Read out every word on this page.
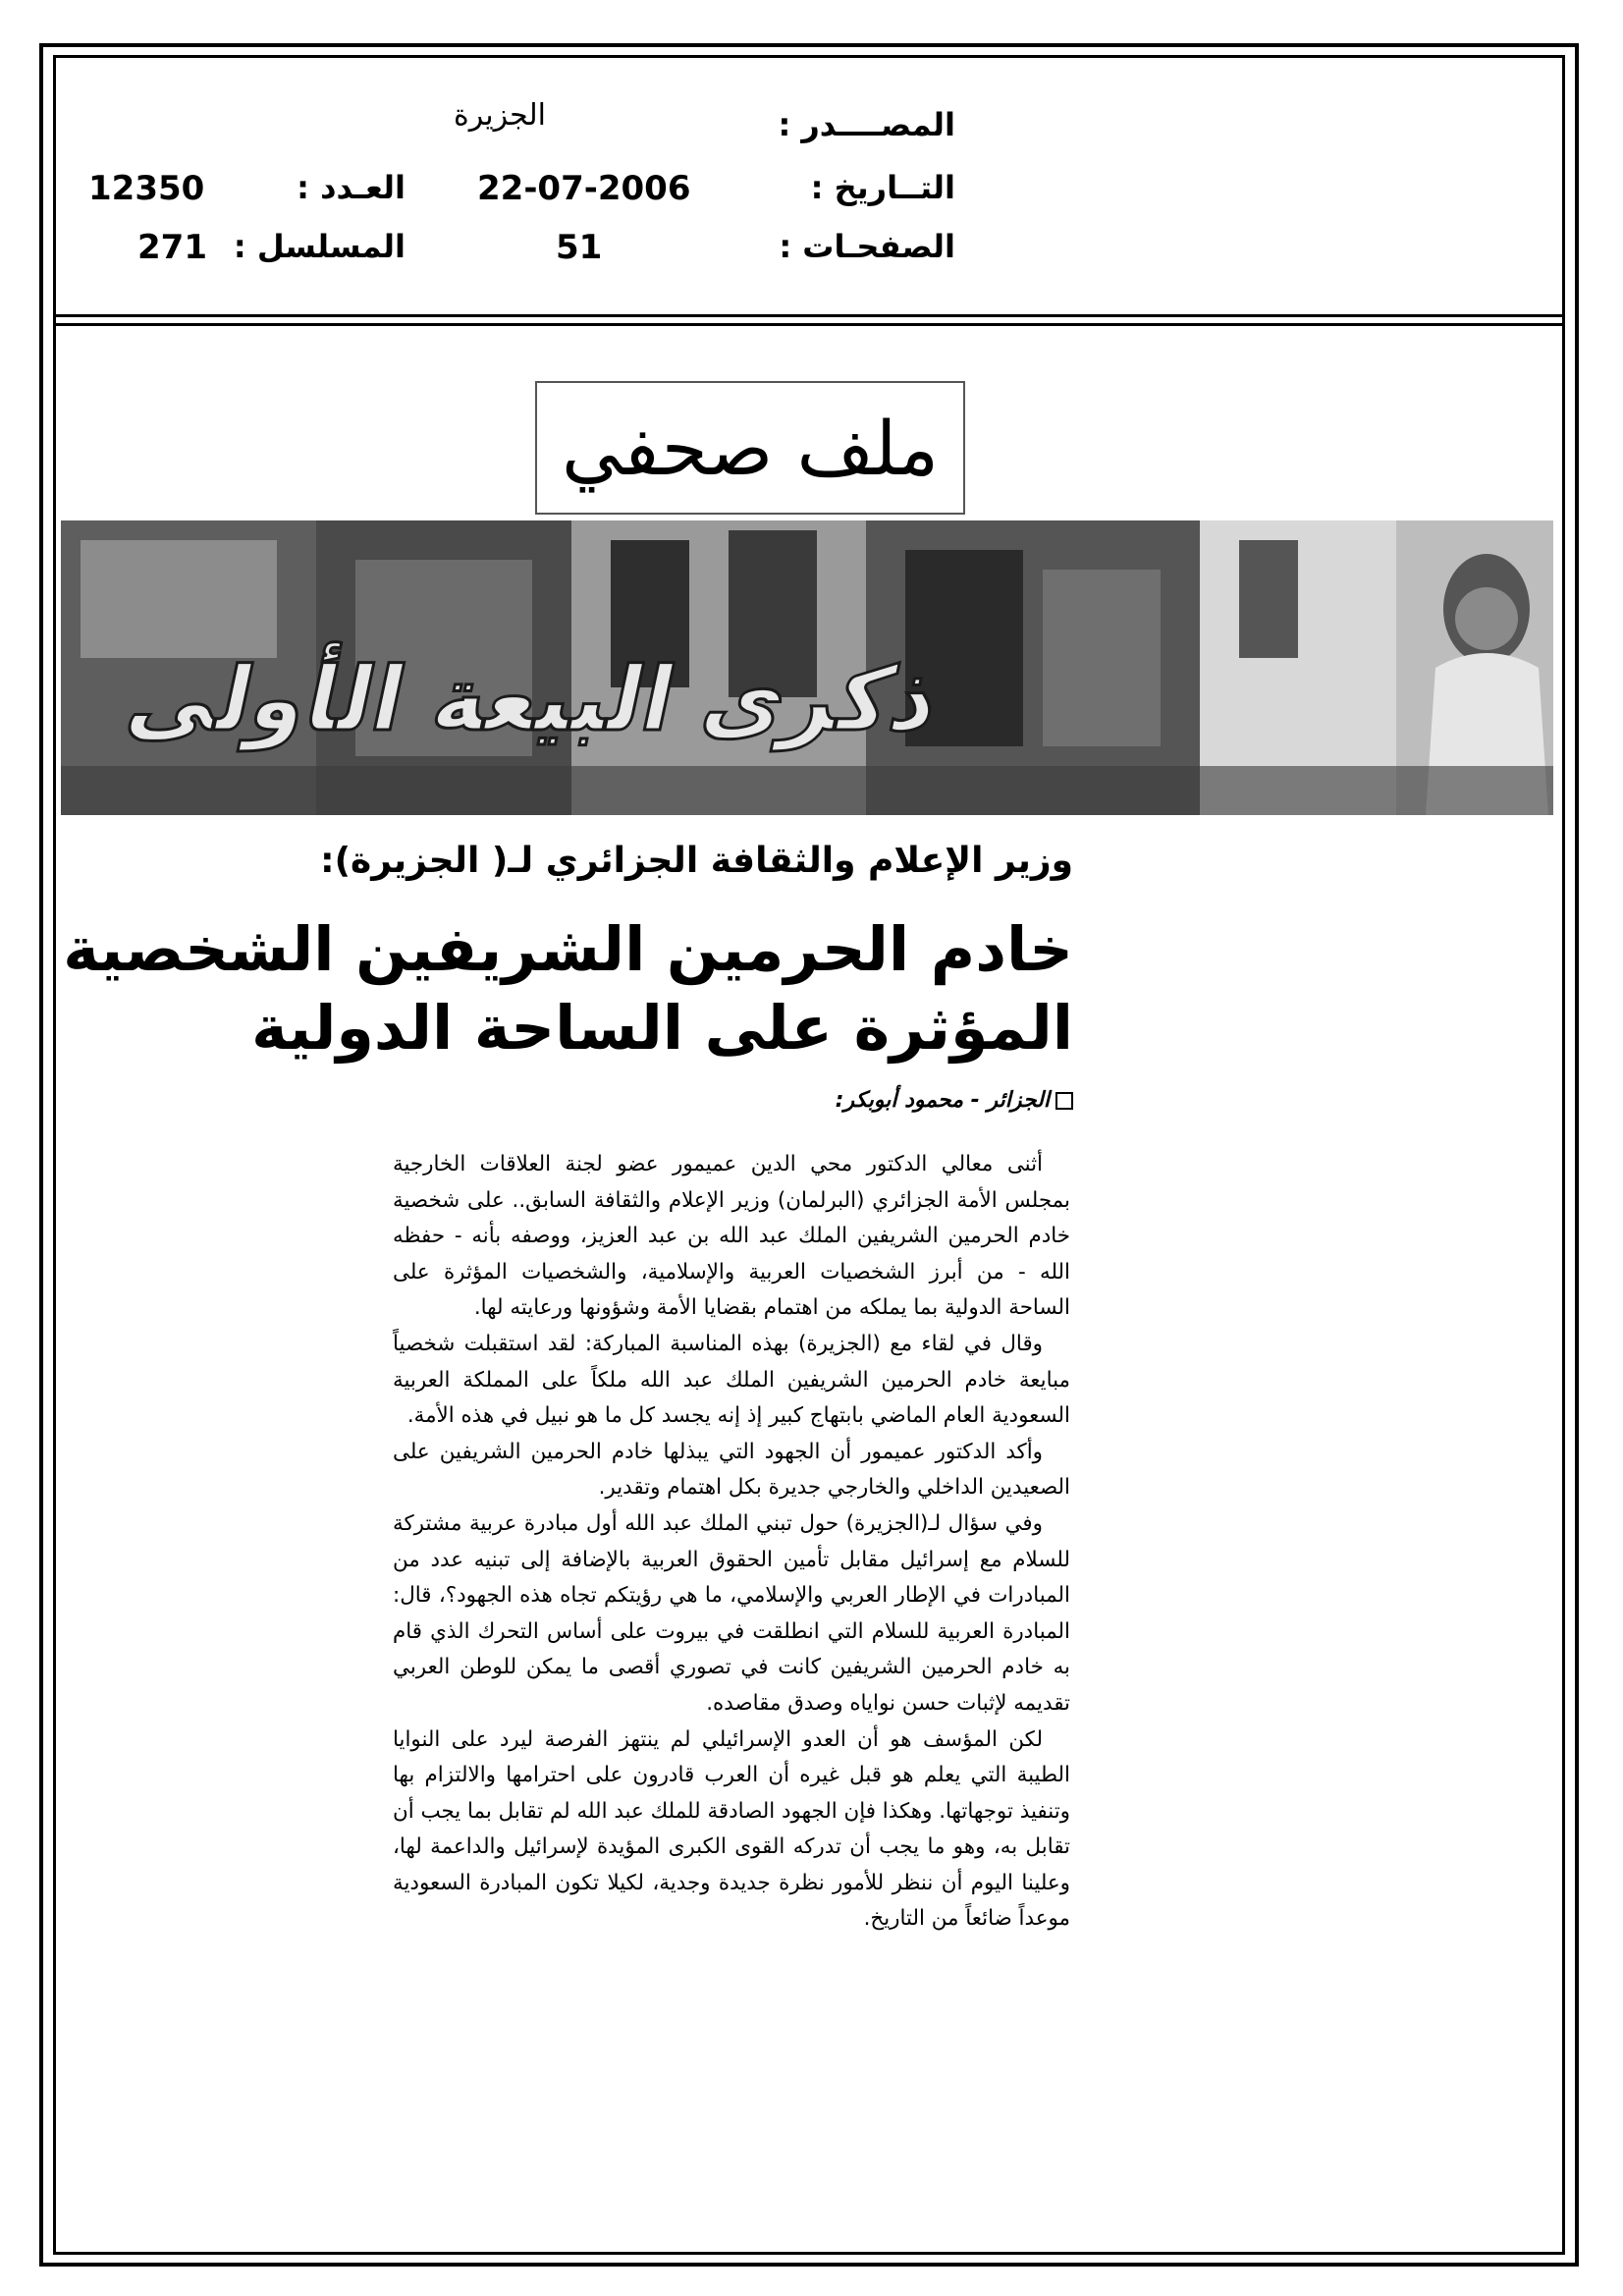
المصــــدر :
الجزيرة
التــاريخ :
22-07-2006
العـدد :
12350
الصفحـات :
51
المسلسل :
271
ملف صحفي
ذكرى البيعة الأولى
وزير الإعلام والثقافة الجزائري لـ( الجزيرة):
خادم الحرمين الشريفين الشخصية
المؤثرة على الساحة الدولية
الجزائر - محمود أبوبكر:

أثنى معالي الدكتور محي الدين عميمور عضو لجنة العلاقات الخارجية بمجلس الأمة الجزائري (البرلمان) وزير الإعلام والثقافة السابق.. على شخصية خادم الحرمين الشريفين الملك عبد الله بن عبد العزيز، ووصفه بأنه - حفظه الله - من أبرز الشخصيات العربية والإسلامية، والشخصيات المؤثرة على الساحة الدولية بما يملكه من اهتمام بقضايا الأمة وشؤونها ورعايته لها.

وقال في لقاء مع (الجزيرة) بهذه المناسبة المباركة: لقد استقبلت شخصياً مبايعة خادم الحرمين الشريفين الملك عبد الله ملكاً على المملكة العربية السعودية العام الماضي بابتهاج كبير إذ إنه يجسد كل ما هو نبيل في هذه الأمة.

وأكد الدكتور عميمور أن الجهود التي يبذلها خادم الحرمين الشريفين على الصعيدين الداخلي والخارجي جديرة بكل اهتمام وتقدير.

وفي سؤال لـ(الجزيرة) حول تبني الملك عبد الله أول مبادرة عربية مشتركة للسلام مع إسرائيل مقابل تأمين الحقوق العربية بالإضافة إلى تبنيه عدد من المبادرات في الإطار العربي والإسلامي، ما هي رؤيتكم تجاه هذه الجهود؟، قال: المبادرة العربية للسلام التي انطلقت في بيروت على أساس التحرك الذي قام به خادم الحرمين الشريفين كانت في تصوري أقصى ما يمكن للوطن العربي تقديمه لإثبات حسن نواياه وصدق مقاصده.

لكن المؤسف هو أن العدو الإسرائيلي لم ينتهز الفرصة ليرد على النوايا الطيبة التي يعلم هو قبل غيره أن العرب قادرون على احترامها والالتزام بها وتنفيذ توجهاتها. وهكذا فإن الجهود الصادقة للملك عبد الله لم تقابل بما يجب أن تقابل به، وهو ما يجب أن تدركه القوى الكبرى المؤيدة لإسرائيل والداعمة لها، وعلينا اليوم أن ننظر للأمور نظرة جديدة وجدية، لكيلا تكون المبادرة السعودية موعداً ضائعاً من التاريخ.
